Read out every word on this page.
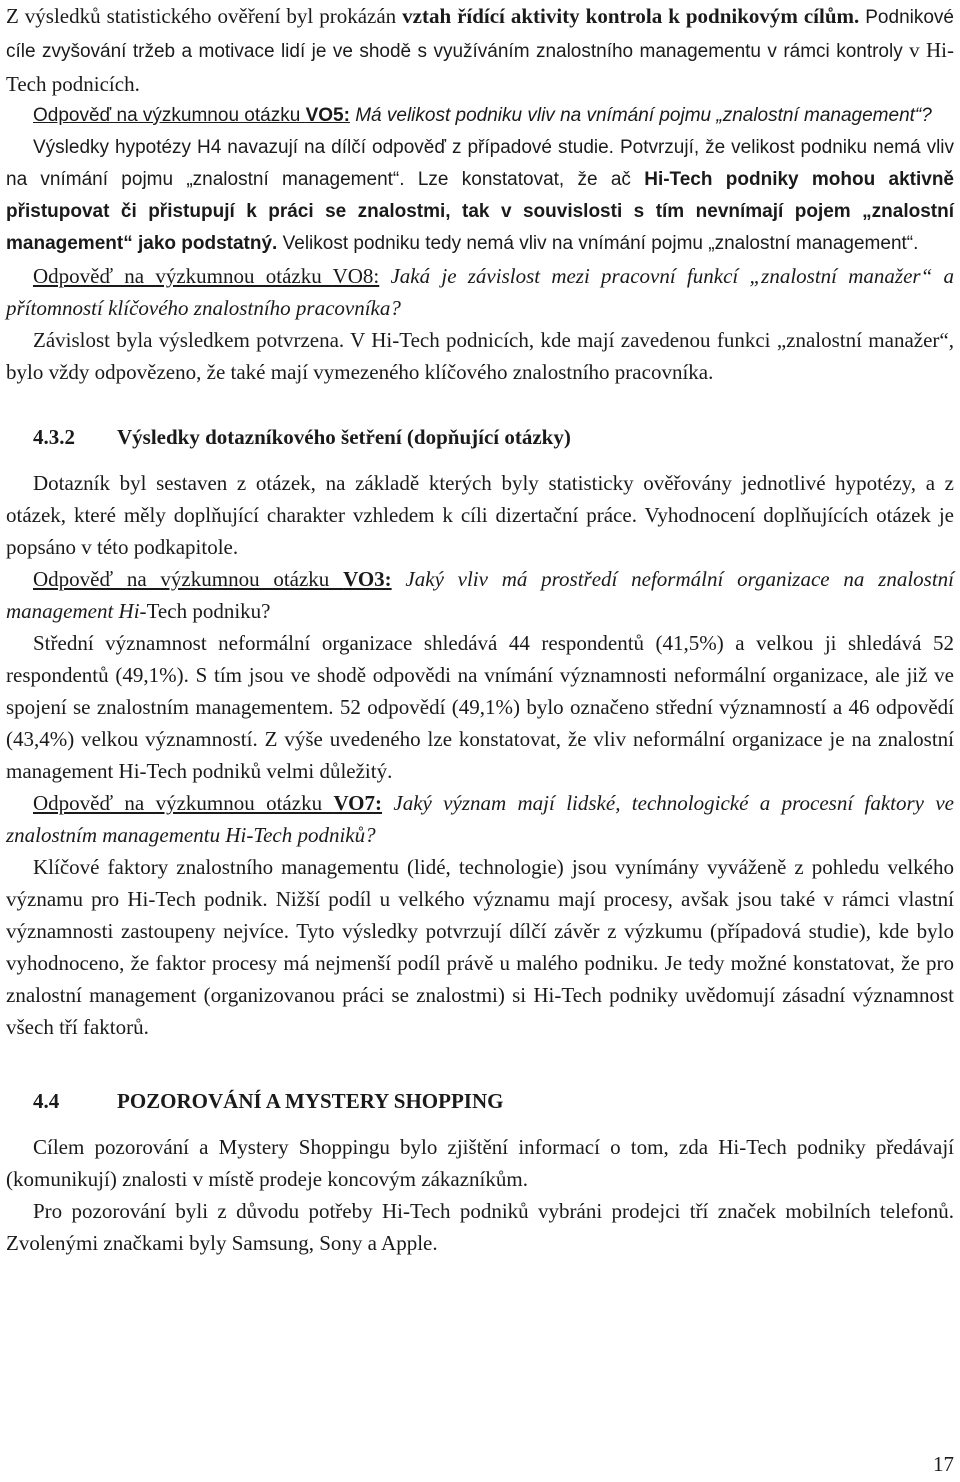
Z výsledků statistického ověření byl prokázán vztah řídící aktivity kontrola k podnikovým cílům. Podnikové cíle zvyšování tržeb a motivace lidí je ve shodě s využíváním znalostního managementu v rámci kontroly v Hi-Tech podnicích.

Odpověď na výzkumnou otázku VO5: Má velikost podniku vliv na vnímání pojmu „znalostní management“?

Výsledky hypotézy H4 navazují na dílčí odpověď z případové studie. Potvrzují, že velikost podniku nemá vliv na vnímání pojmu „znalostní management“. Lze konstatovat, že ač Hi-Tech podniky mohou aktivně přistupovat či přistupují k práci se znalostmi, tak v souvislosti s tím nevnímají pojem „znalostní management“ jako podstatný. Velikost podniku tedy nemá vliv na vnímání pojmu „znalostní management“.

Odpověď na výzkumnou otázku VO8: Jaká je závislost mezi pracovní funkcí „znalostní manažer“ a přítomností klíčového znalostního pracovníka?

Závislost byla výsledkem potvrzena. V Hi-Tech podnicích, kde mají zavedenou funkci „znalostní manažer“, bylo vždy odpovězeno, že také mají vymezeného klíčového znalostního pracovníka.

4.3.2 Výsledky dotazníkového šetření (dopňující otázky)

Dotazník byl sestaven z otázek, na základě kterých byly statisticky ověřovány jednotlivé hypotézy, a z otázek, které měly doplňující charakter vzhledem k cíli dizertační práce. Vyhodnocení doplňujících otázek je popsáno v této podkapitole.

Odpověď na výzkumnou otázku VO3: Jaký vliv má prostředí neformální organizace na znalostní management Hi-Tech podniku?

Střední významnost neformální organizace shledává 44 respondentů (41,5%) a velkou ji shledává 52 respondentů (49,1%). S tím jsou ve shodě odpovědi na vnímání významnosti neformální organizace, ale již ve spojení se znalostním managementem. 52 odpovědí (49,1%) bylo označeno střední významností a 46 odpovědí (43,4%) velkou významností. Z výše uvedeného lze konstatovat, že vliv neformální organizace je na znalostní management Hi-Tech podniků velmi důležitý.

Odpověď na výzkumnou otázku VO7: Jaký význam mají lidské, technologické a procesní faktory ve znalostním managementu Hi-Tech podniků?

Klíčové faktory znalostního managementu (lidé, technologie) jsou vynímány vyváženě z pohledu velkého významu pro Hi-Tech podnik. Nižší podíl u velkého významu mají procesy, avšak jsou také v rámci vlastní významnosti zastoupeny nejvíce. Tyto výsledky potvrzují dílčí závěr z výzkumu (případová studie), kde bylo vyhodnoceno, že faktor procesy má nejmenší podíl právě u malého podniku. Je tedy možné konstatovat, že pro znalostní management (organizovanou práci se znalostmi) si Hi-Tech podniky uvědomují zásadní významnost všech tří faktorů.

4.4	POZOROVÁNÍ A MYSTERY SHOPPING

Cílem pozorování a Mystery Shoppingu bylo zjištění informací o tom, zda Hi-Tech podniky předávají (komunikují) znalosti v místě prodeje koncovým zákazníkům.

Pro pozorování byli z důvodu potřeby Hi-Tech podniků vybráni prodejci tří značek mobilních telefonů. Zvolenými značkami byly Samsung, Sony a Apple.

17
